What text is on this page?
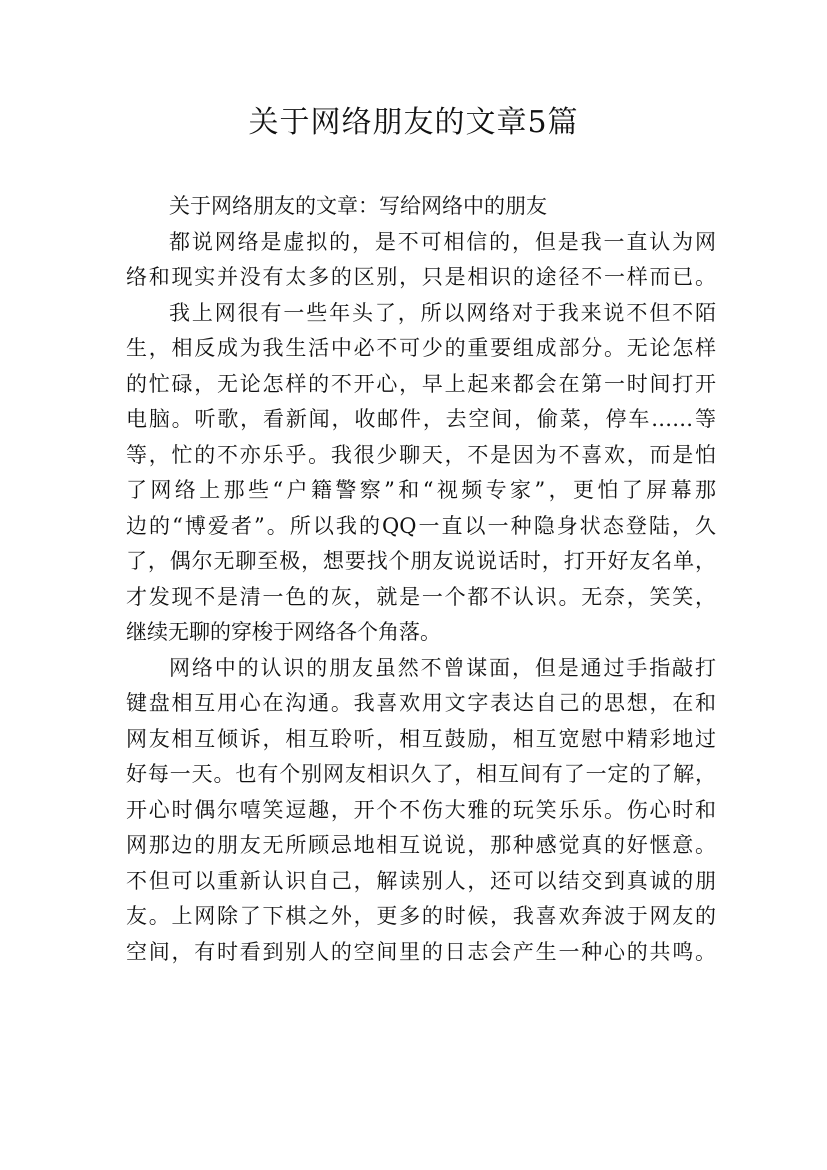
关于网络朋友的文章5篇
关于网络朋友的文章：写给网络中的朋友
都说网络是虚拟的，是不可相信的，但是我一直认为网
络和现实并没有太多的区别，只是相识的途径不一样而已。
我上网很有一些年头了，所以网络对于我来说不但不陌
生，相反成为我生活中必不可少的重要组成部分。无论怎样
的忙碌，无论怎样的不开心，早上起来都会在第一时间打开
电脑。听歌，看新闻，收邮件，去空间，偷菜，停车……等
等，忙的不亦乐乎。我很少聊天，不是因为不喜欢，而是怕
了网络上那些“户籍警察”和“视频专家”，更怕了屏幕那
边的“博爱者”。所以我的QQ一直以一种隐身状态登陆，久
了，偶尔无聊至极，想要找个朋友说说话时，打开好友名单，
才发现不是清一色的灰，就是一个都不认识。无奈，笑笑，
继续无聊的穿梭于网络各个角落。
网络中的认识的朋友虽然不曾谋面，但是通过手指敲打
键盘相互用心在沟通。我喜欢用文字表达自己的思想，在和
网友相互倾诉，相互聆听，相互鼓励，相互宽慰中精彩地过
好每一天。也有个别网友相识久了，相互间有了一定的了解，
开心时偶尔嘻笑逗趣，开个不伤大雅的玩笑乐乐。伤心时和
网那边的朋友无所顾忌地相互说说，那种感觉真的好惬意。
不但可以重新认识自己，解读别人，还可以结交到真诚的朋
友。上网除了下棋之外，更多的时候，我喜欢奔波于网友的
空间，有时看到别人的空间里的日志会产生一种心的共鸣。
